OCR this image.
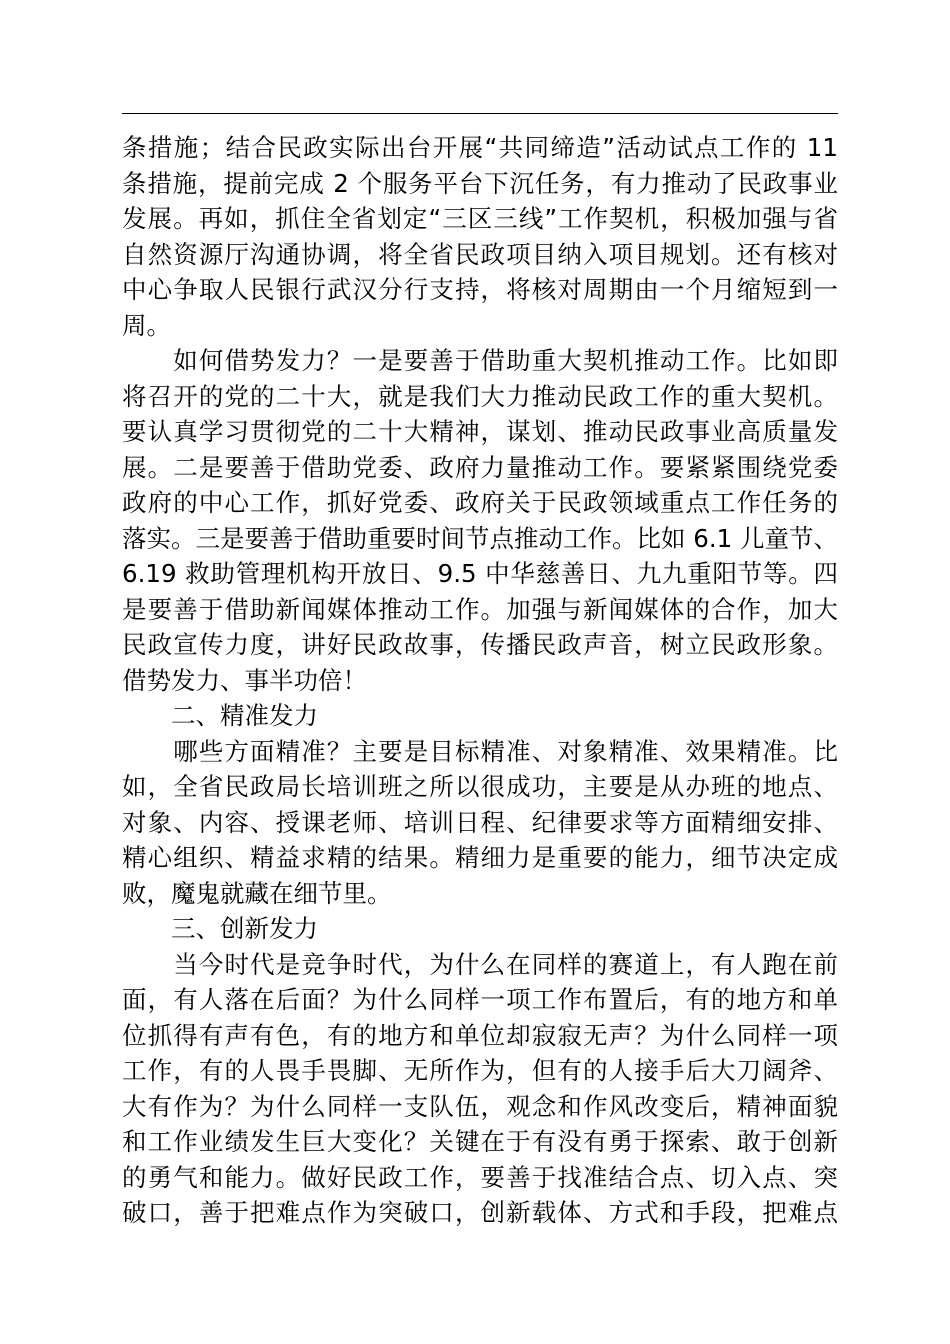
条措施；结合民政实际出台开展“共同缔造”活动试点工作的 11
条措施，提前完成 2 个服务平台下沉任务，有力推动了民政事业
发展。再如，抓住全省划定“三区三线”工作契机，积极加强与省
自然资源厅沟通协调，将全省民政项目纳入项目规划。还有核对
中心争取人民银行武汉分行支持，将核对周期由一个月缩短到一
周。
　　如何借势发力？一是要善于借助重大契机推动工作。比如即
将召开的党的二十大，就是我们大力推动民政工作的重大契机。
要认真学习贯彻党的二十大精神，谋划、推动民政事业高质量发
展。二是要善于借助党委、政府力量推动工作。要紧紧围绕党委
政府的中心工作，抓好党委、政府关于民政领域重点工作任务的
落实。三是要善于借助重要时间节点推动工作。比如 6.1 儿童节、
6.19 救助管理机构开放日、9.5 中华慈善日、九九重阳节等。四
是要善于借助新闻媒体推动工作。加强与新闻媒体的合作，加大
民政宣传力度，讲好民政故事，传播民政声音，树立民政形象。
借势发力、事半功倍！
　　二、精准发力
　　哪些方面精准？主要是目标精准、对象精准、效果精准。比
如，全省民政局长培训班之所以很成功，主要是从办班的地点、
对象、内容、授课老师、培训日程、纪律要求等方面精细安排、
精心组织、精益求精的结果。精细力是重要的能力，细节决定成
败，魔鬼就藏在细节里。
　　三、创新发力
　　当今时代是竞争时代，为什么在同样的赛道上，有人跑在前
面，有人落在后面？为什么同样一项工作布置后，有的地方和单
位抓得有声有色，有的地方和单位却寂寂无声？为什么同样一项
工作，有的人畏手畏脚、无所作为，但有的人接手后大刀阔斧、
大有作为？为什么同样一支队伍，观念和作风改变后，精神面貌
和工作业绩发生巨大变化？关键在于有没有勇于探索、敢于创新
的勇气和能力。做好民政工作，要善于找准结合点、切入点、突
破口，善于把难点作为突破口，创新载体、方式和手段，把难点
